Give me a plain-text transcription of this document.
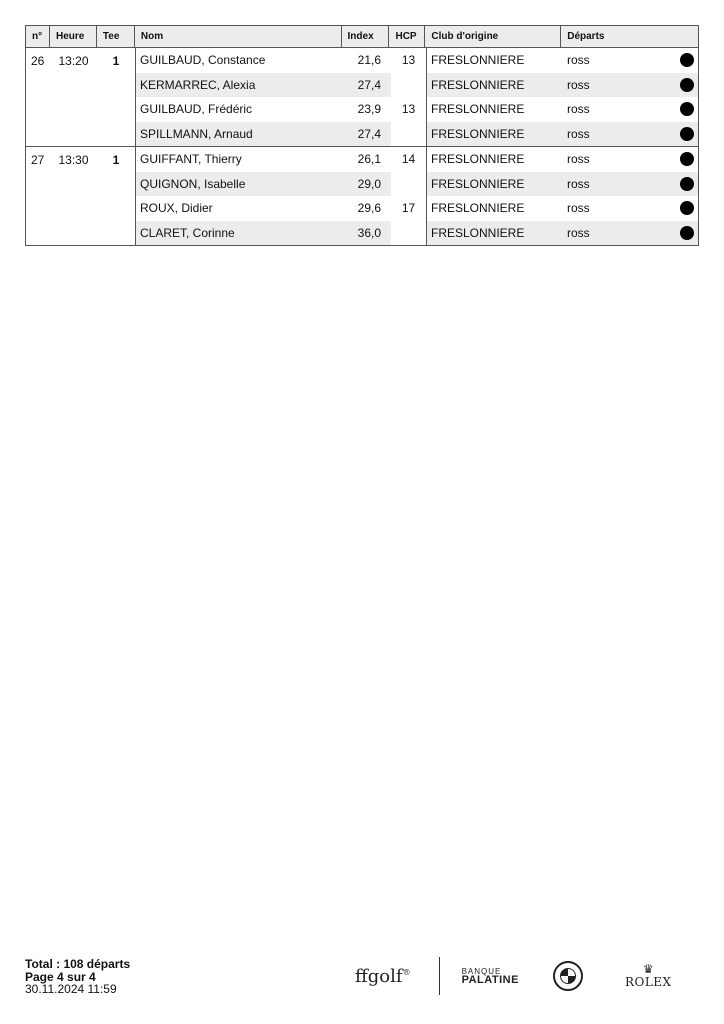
n°	Heure	Tee	Nom	Index	HCP	Club d'origine	Départs
26	13:20	1	GUILBAUD, Constance	21,6	13	FRESLONNIERE	ross
KERMARREC, Alexia	27,4	FRESLONNIERE	ross
GUILBAUD, Frédéric	23,9	13	FRESLONNIERE	ross
SPILLMANN, Arnaud	27,4	FRESLONNIERE	ross
27	13:30	1	GUIFFANT, Thierry	26,1	14	FRESLONNIERE	ross
QUIGNON, Isabelle	29,0	FRESLONNIERE	ross
ROUX, Didier	29,6	17	FRESLONNIERE	ross
CLARET, Corinne	36,0	FRESLONNIERE	ross
Total : 108 départs
Page 4 sur 4
30.11.2024 11:59
ffgolf®	BANQUE
PALATINE
♛
ROLEX
